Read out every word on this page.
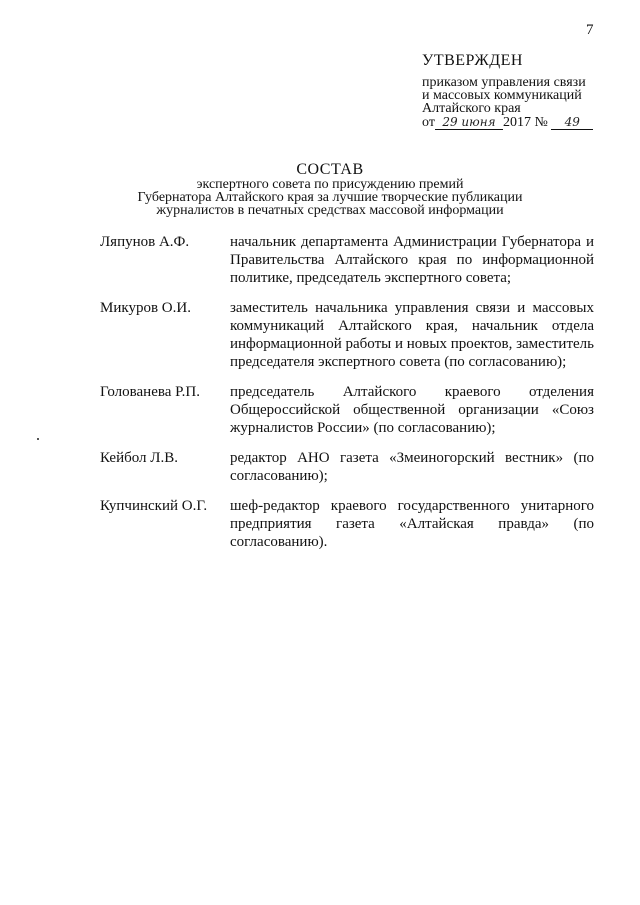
7
УТВЕРЖДЕН
приказом управления связи
и массовых коммуникаций
Алтайского края
от 29 июня 2017 № 49
СОСТАВ
экспертного совета по присуждению премий
Губернатора Алтайского края за лучшие творческие публикации
журналистов в печатных средствах массовой информации
Ляпунов А.Ф.	начальник департамента Администрации Губернатора и Правительства Алтайского края по информационной политике, председатель экспертного совета;
Микуров О.И.	заместитель начальника управления связи и массовых коммуникаций Алтайского края, начальник отдела информационной работы и новых проектов, заместитель председателя экспертного совета (по согласованию);
Голованева Р.П.	председатель Алтайского краевого отделения Общероссийской общественной организации «Союз журналистов России» (по согласованию);
Кейбол Л.В.	редактор АНО газета «Змеиногорский вестник» (по согласованию);
Купчинский О.Г.	шеф-редактор краевого государственного унитарного предприятия газета «Алтайская правда» (по согласованию).
